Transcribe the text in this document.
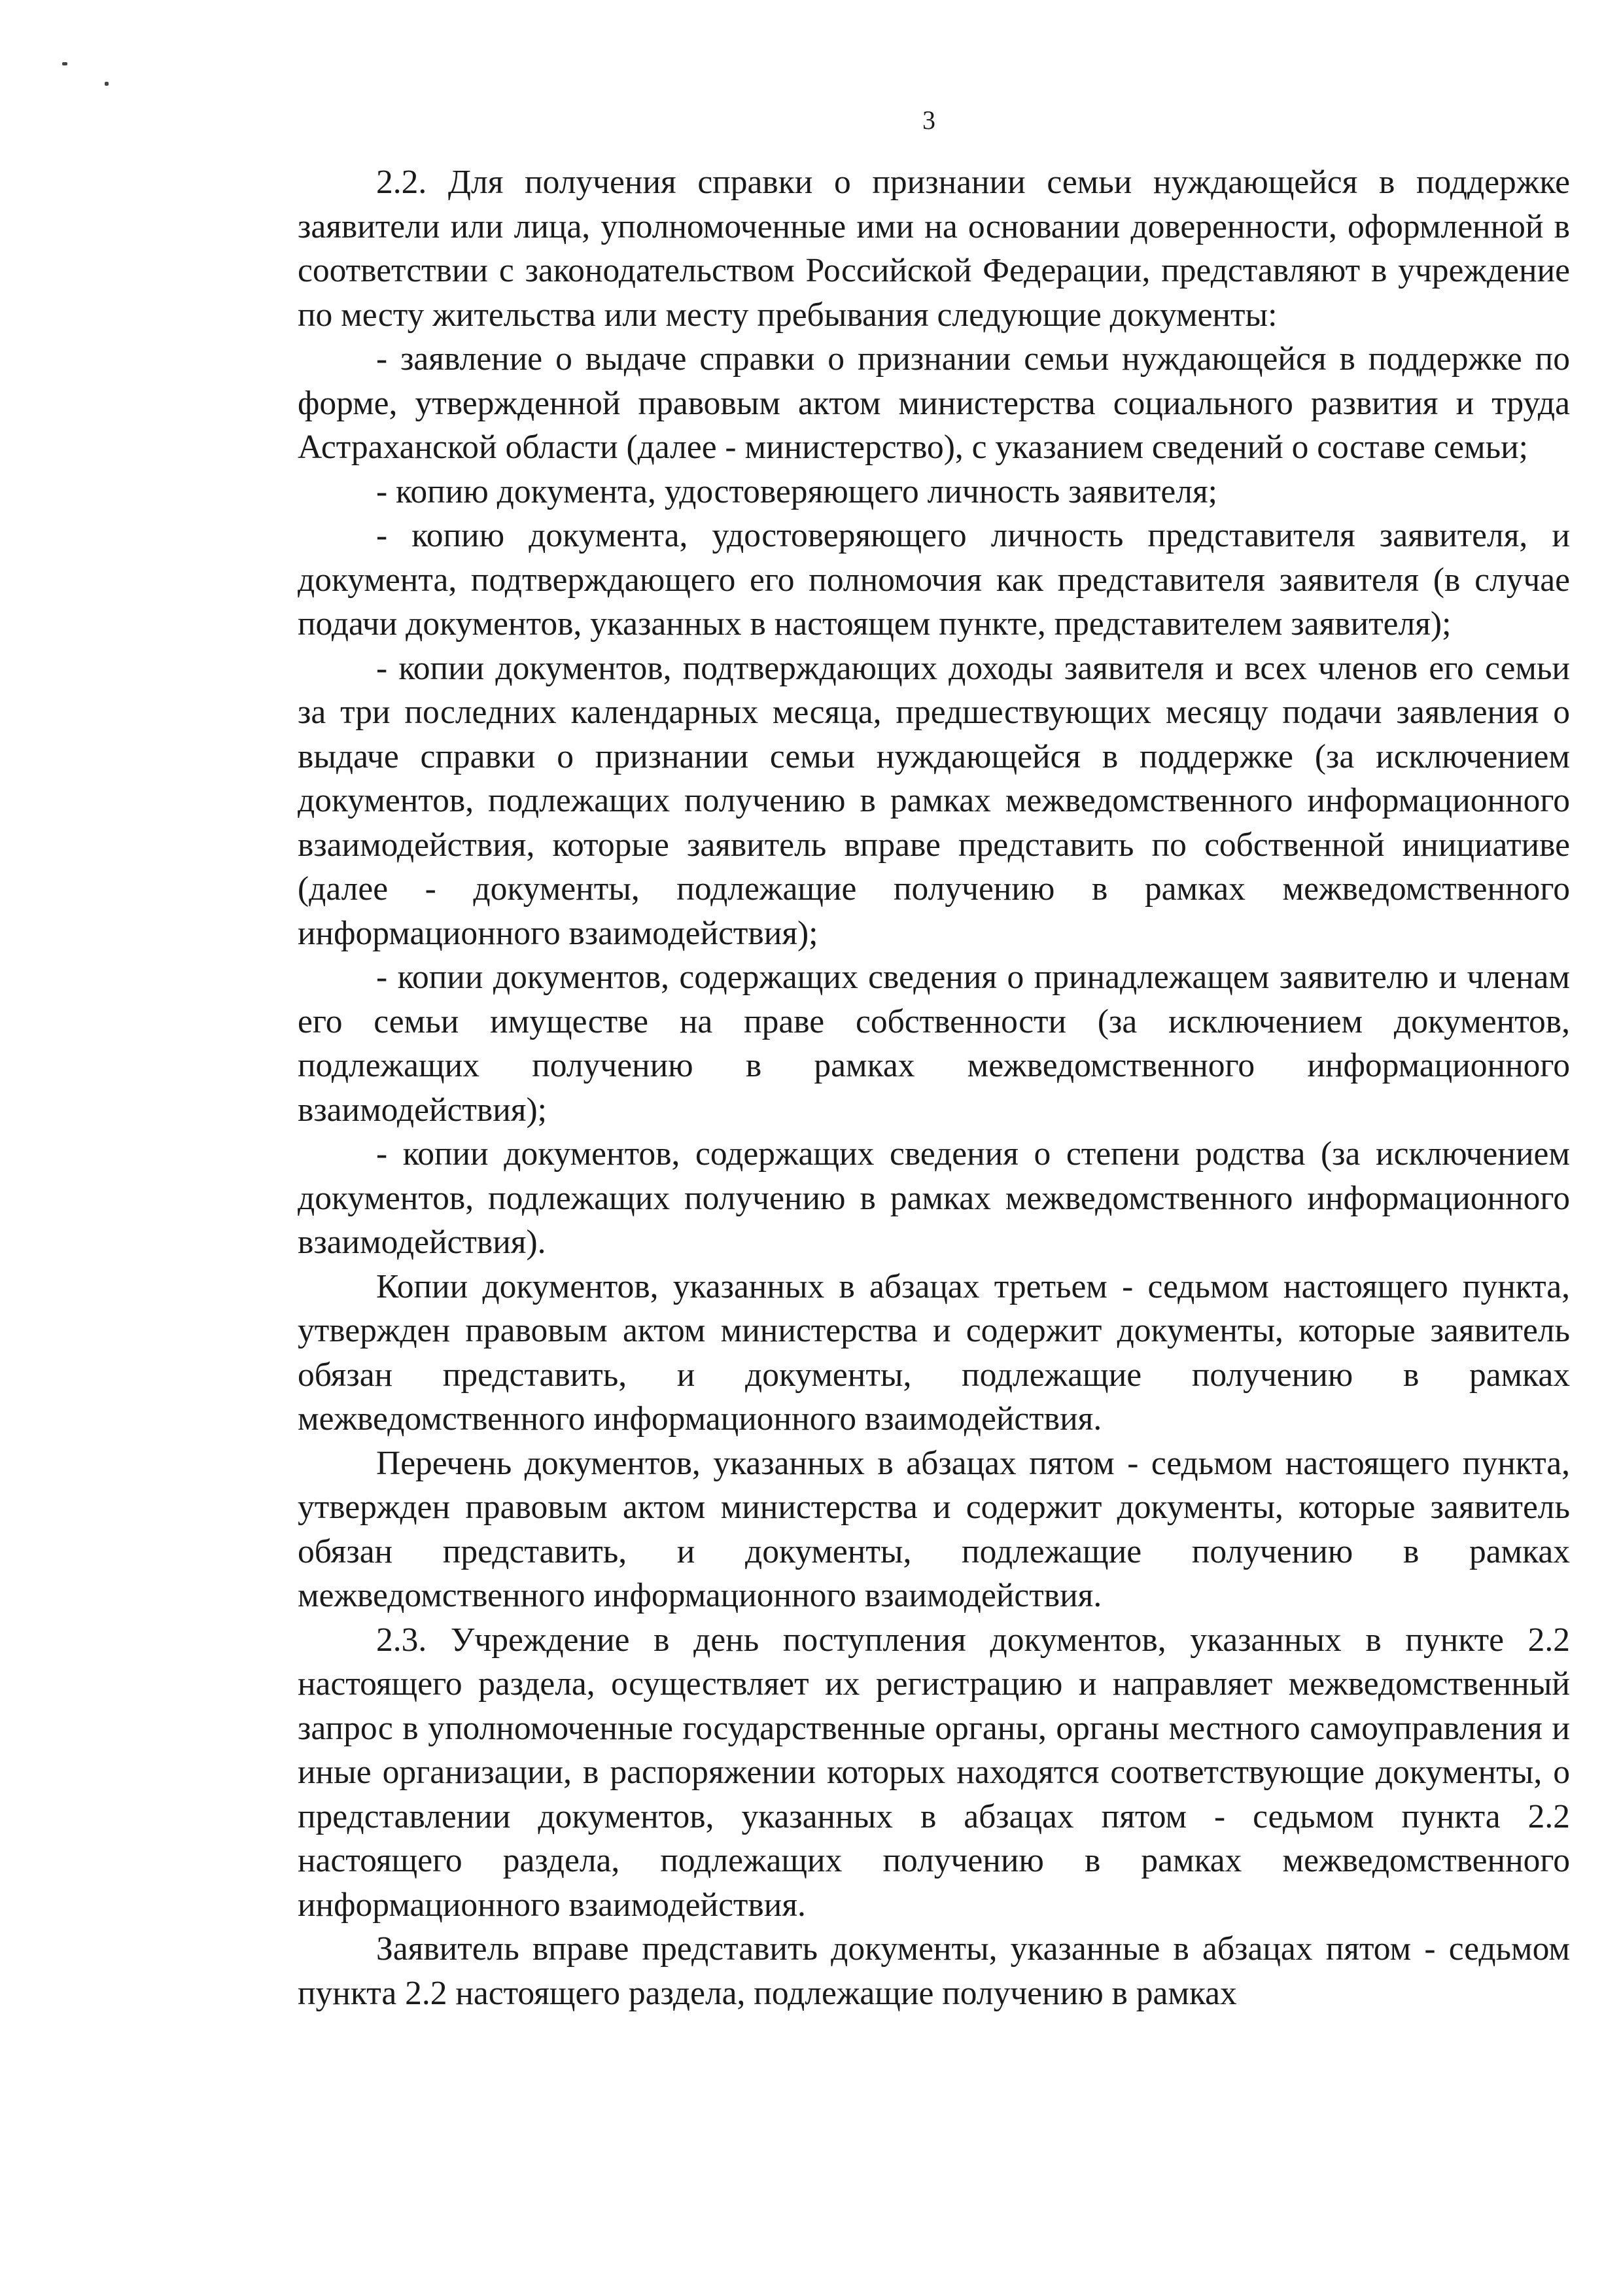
3

2.2. Для получения справки о признании семьи нуждающейся в поддержке заявители или лица, уполномоченные ими на основании доверенности, оформленной в соответствии с законодательством Российской Федерации, представляют в учреждение по месту жительства или месту пребывания следующие документы:

- заявление о выдаче справки о признании семьи нуждающейся в поддержке по форме, утвержденной правовым актом министерства социального развития и труда Астраханской области (далее - министерство), с указанием сведений о составе семьи;

- копию документа, удостоверяющего личность заявителя;

- копию документа, удостоверяющего личность представителя заявителя, и документа, подтверждающего его полномочия как представителя заявителя (в случае подачи документов, указанных в настоящем пункте, представителем заявителя);

- копии документов, подтверждающих доходы заявителя и всех членов его семьи за три последних календарных месяца, предшествующих месяцу подачи заявления о выдаче справки о признании семьи нуждающейся в поддержке (за исключением документов, подлежащих получению в рамках межведомственного информационного взаимодействия, которые заявитель вправе представить по собственной инициативе (далее - документы, подлежащие получению в рамках межведомственного информационного взаимодействия);

- копии документов, содержащих сведения о принадлежащем заявителю и членам его семьи имуществе на праве собственности (за исключением документов, подлежащих получению в рамках межведомственного информационного взаимодействия);

- копии документов, содержащих сведения о степени родства (за исключением документов, подлежащих получению в рамках межведомственного информационного взаимодействия).

Копии документов, указанных в абзацах третьем - седьмом настоящего пункта, утвержден правовым актом министерства и содержит документы, которые заявитель обязан представить, и документы, подлежащие получению в рамках межведомственного информационного взаимодействия.

Перечень документов, указанных в абзацах пятом - седьмом настоящего пункта, утвержден правовым актом министерства и содержит документы, которые заявитель обязан представить, и документы, подлежащие получению в рамках межведомственного информационного взаимодействия.

2.3. Учреждение в день поступления документов, указанных в пункте 2.2 настоящего раздела, осуществляет их регистрацию и направляет межведомственный запрос в уполномоченные государственные органы, органы местного самоуправления и иные организации, в распоряжении которых находятся соответствующие документы, о представлении документов, указанных в абзацах пятом - седьмом пункта 2.2 настоящего раздела, подлежащих получению в рамках межведомственного информационного взаимодействия.

Заявитель вправе представить документы, указанные в абзацах пятом - седьмом пункта 2.2 настоящего раздела, подлежащие получению в рамках
